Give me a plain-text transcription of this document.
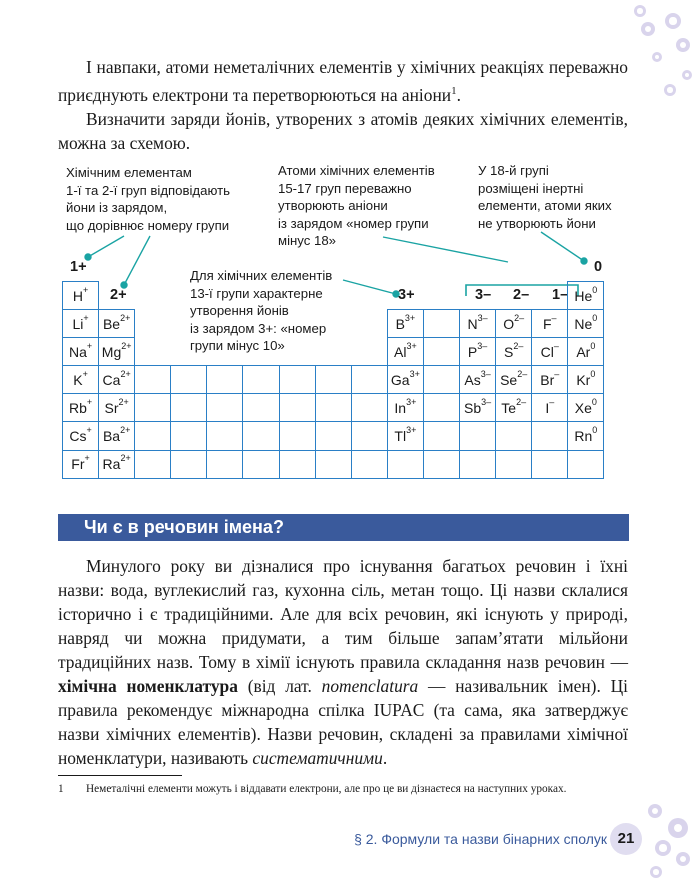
І навпаки, атоми неметалічних елементів у хімічних реакціях переважно приєднують електрони та перетворюються на аніони$^1$.

Визначити заряди йонів, утворених з атомів деяких хімічних елементів, можна за схемою.

Хімічним елементам
1-ї та 2-ї груп відповідають
йони із зарядом,
що дорівнює номеру групи
Атоми хімічних елементів
15-17 груп переважно
утворюють аніони
із зарядом «номер групи
мінус 18»
У 18-й групі
розміщені інертні
елементи, атоми яких
не утворюють йони
Для хімічних елементів
13-ї групи характерне
утворення йонів
із зарядом 3+: «номер
групи мінус 10»
1+
2+	3+	3– 2– 1–
0
H+														He$^0$
Li+	$Be^{2+}$								$B^{3+}$		$N^{3-}$	$O^{2-}$	F–	Ne$^0$
Na+	$Mg^{2+}$								$Al^{3+}$		$P^{3-}$	$S^{2-}$	Cl–	Ar$^0$
K+	$Ca^{2+}$								$Ga^{3+}$		$As^{3-}$	$Se^{2-}$	Br–	Kr$^0$
Rb+	$Sr^{2+}$								$In^{3+}$		$Sb^{3-}$	$Te^{2-}$	I–	Xe$^0$
Cs+	$Ba^{2+}$								$Tl^{3+}$					Rn$^0$
Fr+	$Ra^{2+}$													
Чи є в речовин імена?

Минулого року ви дізналися про існування багатьох речовин і їхні назви: вода, вуглекислий газ, кухонна сіль, метан тощо. Ці назви склалися історично і є традиційними. Але для всіх речовин, які існують у природі, навряд чи можна придумати, а тим більше запам’ятати мільйони традиційних назв. Тому в хімії існують правила складання назв речовин — хімічна номенклатура (від лат. nomenclatura — називальник імен). Ці правила рекомендує міжнародна спілка IUPAC (та сама, яка затверджує назви хімічних елементів). Назви речовин, складені за правилами хімічної номенклатури, називають систематичними.

1 Неметалічні елементи можуть і віддавати електрони, але про це ви дізнаєтеся на наступних уроках.
§ 2. Формули та назви бінарних сполук 21
